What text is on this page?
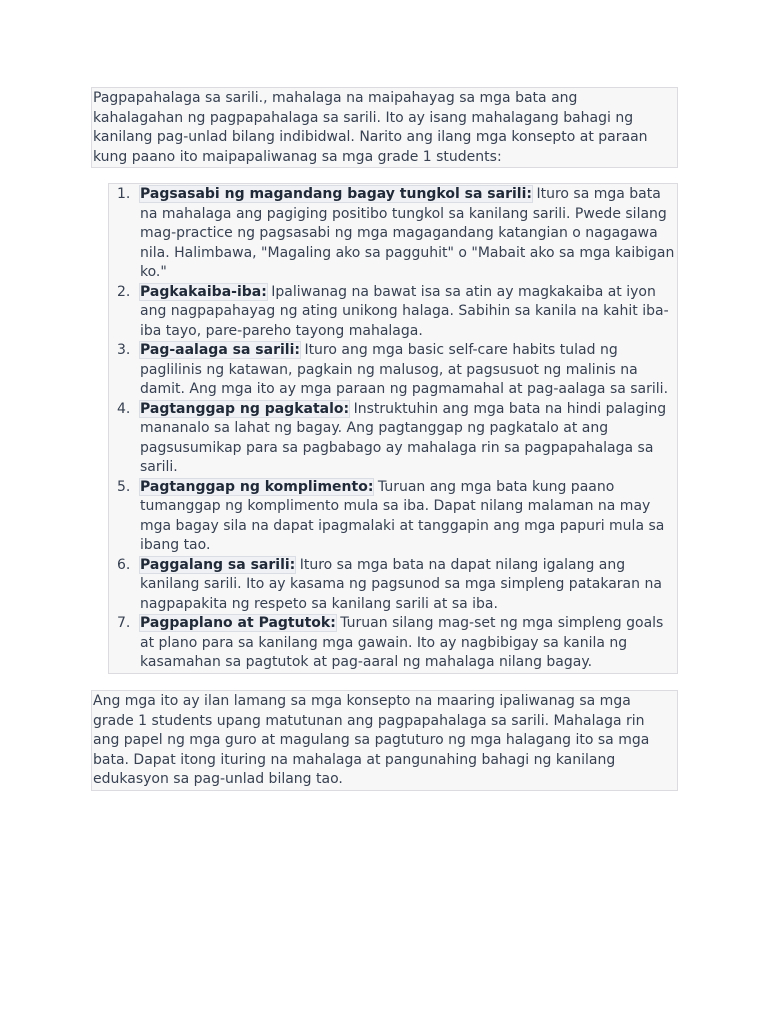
Pagpapahalaga sa sarili., mahalaga na maipahayag sa mga bata ang kahalagahan ng pagpapahalaga sa sarili. Ito ay isang mahalagang bahagi ng kanilang pag-unlad bilang indibidwal. Narito ang ilang mga konsepto at paraan kung paano ito maipapaliwanag sa mga grade 1 students:

1. Pagsasabi ng magandang bagay tungkol sa sarili: Ituro sa mga bata na mahalaga ang pagiging positibo tungkol sa kanilang sarili. Pwede silang mag-practice ng pagsasabi ng mga magagandang katangian o nagagawa nila. Halimbawa, "Magaling ako sa pagguhit" o "Mabait ako sa mga kaibigan ko."
2. Pagkakaiba-iba: Ipaliwanag na bawat isa sa atin ay magkakaiba at iyon ang nagpapahayag ng ating unikong halaga. Sabihin sa kanila na kahit iba-iba tayo, pare-pareho tayong mahalaga.
3. Pag-aalaga sa sarili: Ituro ang mga basic self-care habits tulad ng paglilinis ng katawan, pagkain ng malusog, at pagsusuot ng malinis na damit. Ang mga ito ay mga paraan ng pagmamahal at pag-aalaga sa sarili.
4. Pagtanggap ng pagkatalo: Instruktuhin ang mga bata na hindi palaging mananalo sa lahat ng bagay. Ang pagtanggap ng pagkatalo at ang pagsusumikap para sa pagbabago ay mahalaga rin sa pagpapahalaga sa sarili.
5. Pagtanggap ng komplimento: Turuan ang mga bata kung paano tumanggap ng komplimento mula sa iba. Dapat nilang malaman na may mga bagay sila na dapat ipagmalaki at tanggapin ang mga papuri mula sa ibang tao.
6. Paggalang sa sarili: Ituro sa mga bata na dapat nilang igalang ang kanilang sarili. Ito ay kasama ng pagsunod sa mga simpleng patakaran na nagpapakita ng respeto sa kanilang sarili at sa iba.
7. Pagpaplano at Pagtutok: Turuan silang mag-set ng mga simpleng goals at plano para sa kanilang mga gawain. Ito ay nagbibigay sa kanila ng kasamahan sa pagtutok at pag-aaral ng mahalaga nilang bagay.

Ang mga ito ay ilan lamang sa mga konsepto na maaring ipaliwanag sa mga grade 1 students upang matutunan ang pagpapahalaga sa sarili. Mahalaga rin ang papel ng mga guro at magulang sa pagtuturo ng mga halagang ito sa mga bata. Dapat itong ituring na mahalaga at pangunahing bahagi ng kanilang edukasyon sa pag-unlad bilang tao.
